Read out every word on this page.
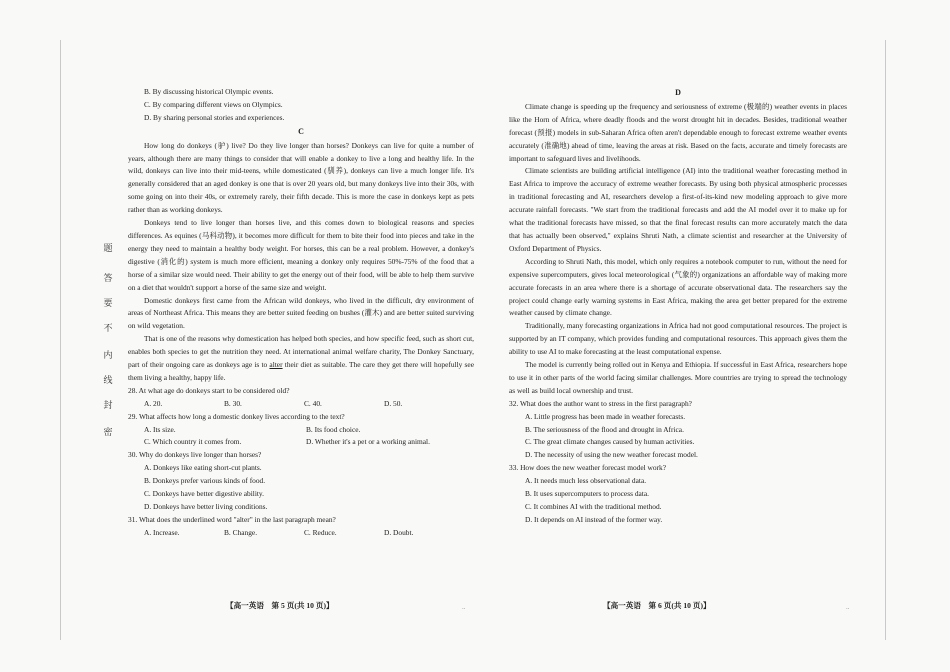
题
答
要
不
内
线
封
密

B. By discussing historical Olympic events.

C. By comparing different views on Olympics.

D. By sharing personal stories and experiences.

C

How long do donkeys (驴) live? Do they live longer than horses? Donkeys can live for quite a number of years, although there are many things to consider that will enable a donkey to live a long and healthy life. In the wild, donkeys can live into their mid-teens, while domesticated (驯养), donkeys can live a much longer life. It's generally considered that an aged donkey is one that is over 20 years old, but many donkeys live into their 30s, with some going on into their 40s, or extremely rarely, their fifth decade. This is more the case in donkeys kept as pets rather than as working donkeys.

Donkeys tend to live longer than horses live, and this comes down to biological reasons and species differences. As equines (马科动物), it becomes more difficult for them to bite their food into pieces and take in the energy they need to maintain a healthy body weight. For horses, this can be a real problem. However, a donkey's digestive (消化的) system is much more efficient, meaning a donkey only requires 50%-75% of the food that a horse of a similar size would need. Their ability to get the energy out of their food, will be able to help them survive on a diet that wouldn't support a horse of the same size and weight.

Domestic donkeys first came from the African wild donkeys, who lived in the difficult, dry environment of areas of Northeast Africa. This means they are better suited feeding on bushes (灌木) and are better suited surviving on wild vegetation.

That is one of the reasons why domestication has helped both species, and how specific feed, such as short cut, enables both species to get the nutrition they need. At international animal welfare charity, The Donkey Sanctuary, part of their ongoing care as donkeys age is to alter their diet as suitable. The care they get there will hopefully see them living a healthy, happy life.

28. At what age do donkeys start to be considered old?

A. 20.	B. 30.	C. 40.	D. 50.

29. What affects how long a domestic donkey lives according to the text?

A. Its size.	B. Its food choice.
C. Which country it comes from.	D. Whether it's a pet or a working animal.

30. Why do donkeys live longer than horses?

A. Donkeys like eating short-cut plants.

B. Donkeys prefer various kinds of food.

C. Donkeys have better digestive ability.

D. Donkeys have better living conditions.

31. What does the underlined word "alter" in the last paragraph mean?

A. Increase.	B. Change.	C. Reduce.	D. Doubt.
【高一英语　第 5 页(共 10 页)】	..

D

Climate change is speeding up the frequency and seriousness of extreme (极端的) weather events in places like the Horn of Africa, where deadly floods and the worst drought hit in decades. Besides, traditional weather forecast (预报) models in sub-Saharan Africa often aren't dependable enough to forecast extreme weather events accurately (准确地) ahead of time, leaving the areas at risk. Based on the facts, accurate and timely forecasts are important to safeguard lives and livelihoods.

Climate scientists are building artificial intelligence (AI) into the traditional weather forecasting method in East Africa to improve the accuracy of extreme weather forecasts. By using both physical atmospheric processes in traditional forecasting and AI, researchers develop a first-of-its-kind new modeling approach to give more accurate rainfall forecasts. "We start from the traditional forecasts and add the AI model over it to make up for what the traditional forecasts have missed, so that the final forecast results can more accurately match the data that has actually been observed," explains Shruti Nath, a climate scientist and researcher at the University of Oxford Department of Physics.

According to Shruti Nath, this model, which only requires a notebook computer to run, without the need for expensive supercomputers, gives local meteorological (气象的) organizations an affordable way of making more accurate forecasts in an area where there is a shortage of accurate observational data. The researchers say the project could change early warning systems in East Africa, making the area get better prepared for the extreme weather caused by climate change.

Traditionally, many forecasting organizations in Africa had not good computational resources. The project is supported by an IT company, which provides funding and computational resources. This approach gives them the ability to use AI to make forecasting at the least computational expense.

The model is currently being rolled out in Kenya and Ethiopia. If successful in East Africa, researchers hope to use it in other parts of the world facing similar challenges. More countries are trying to spread the technology as well as build local ownership and trust.

32. What does the author want to stress in the first paragraph?

A. Little progress has been made in weather forecasts.

B. The seriousness of the flood and drought in Africa.

C. The great climate changes caused by human activities.

D. The necessity of using the new weather forecast model.

33. How does the new weather forecast model work?

A. It needs much less observational data.

B. It uses supercomputers to process data.

C. It combines AI with the traditional method.

D. It depends on AI instead of the former way.

【高一英语　第 6 页(共 10 页)】	..
